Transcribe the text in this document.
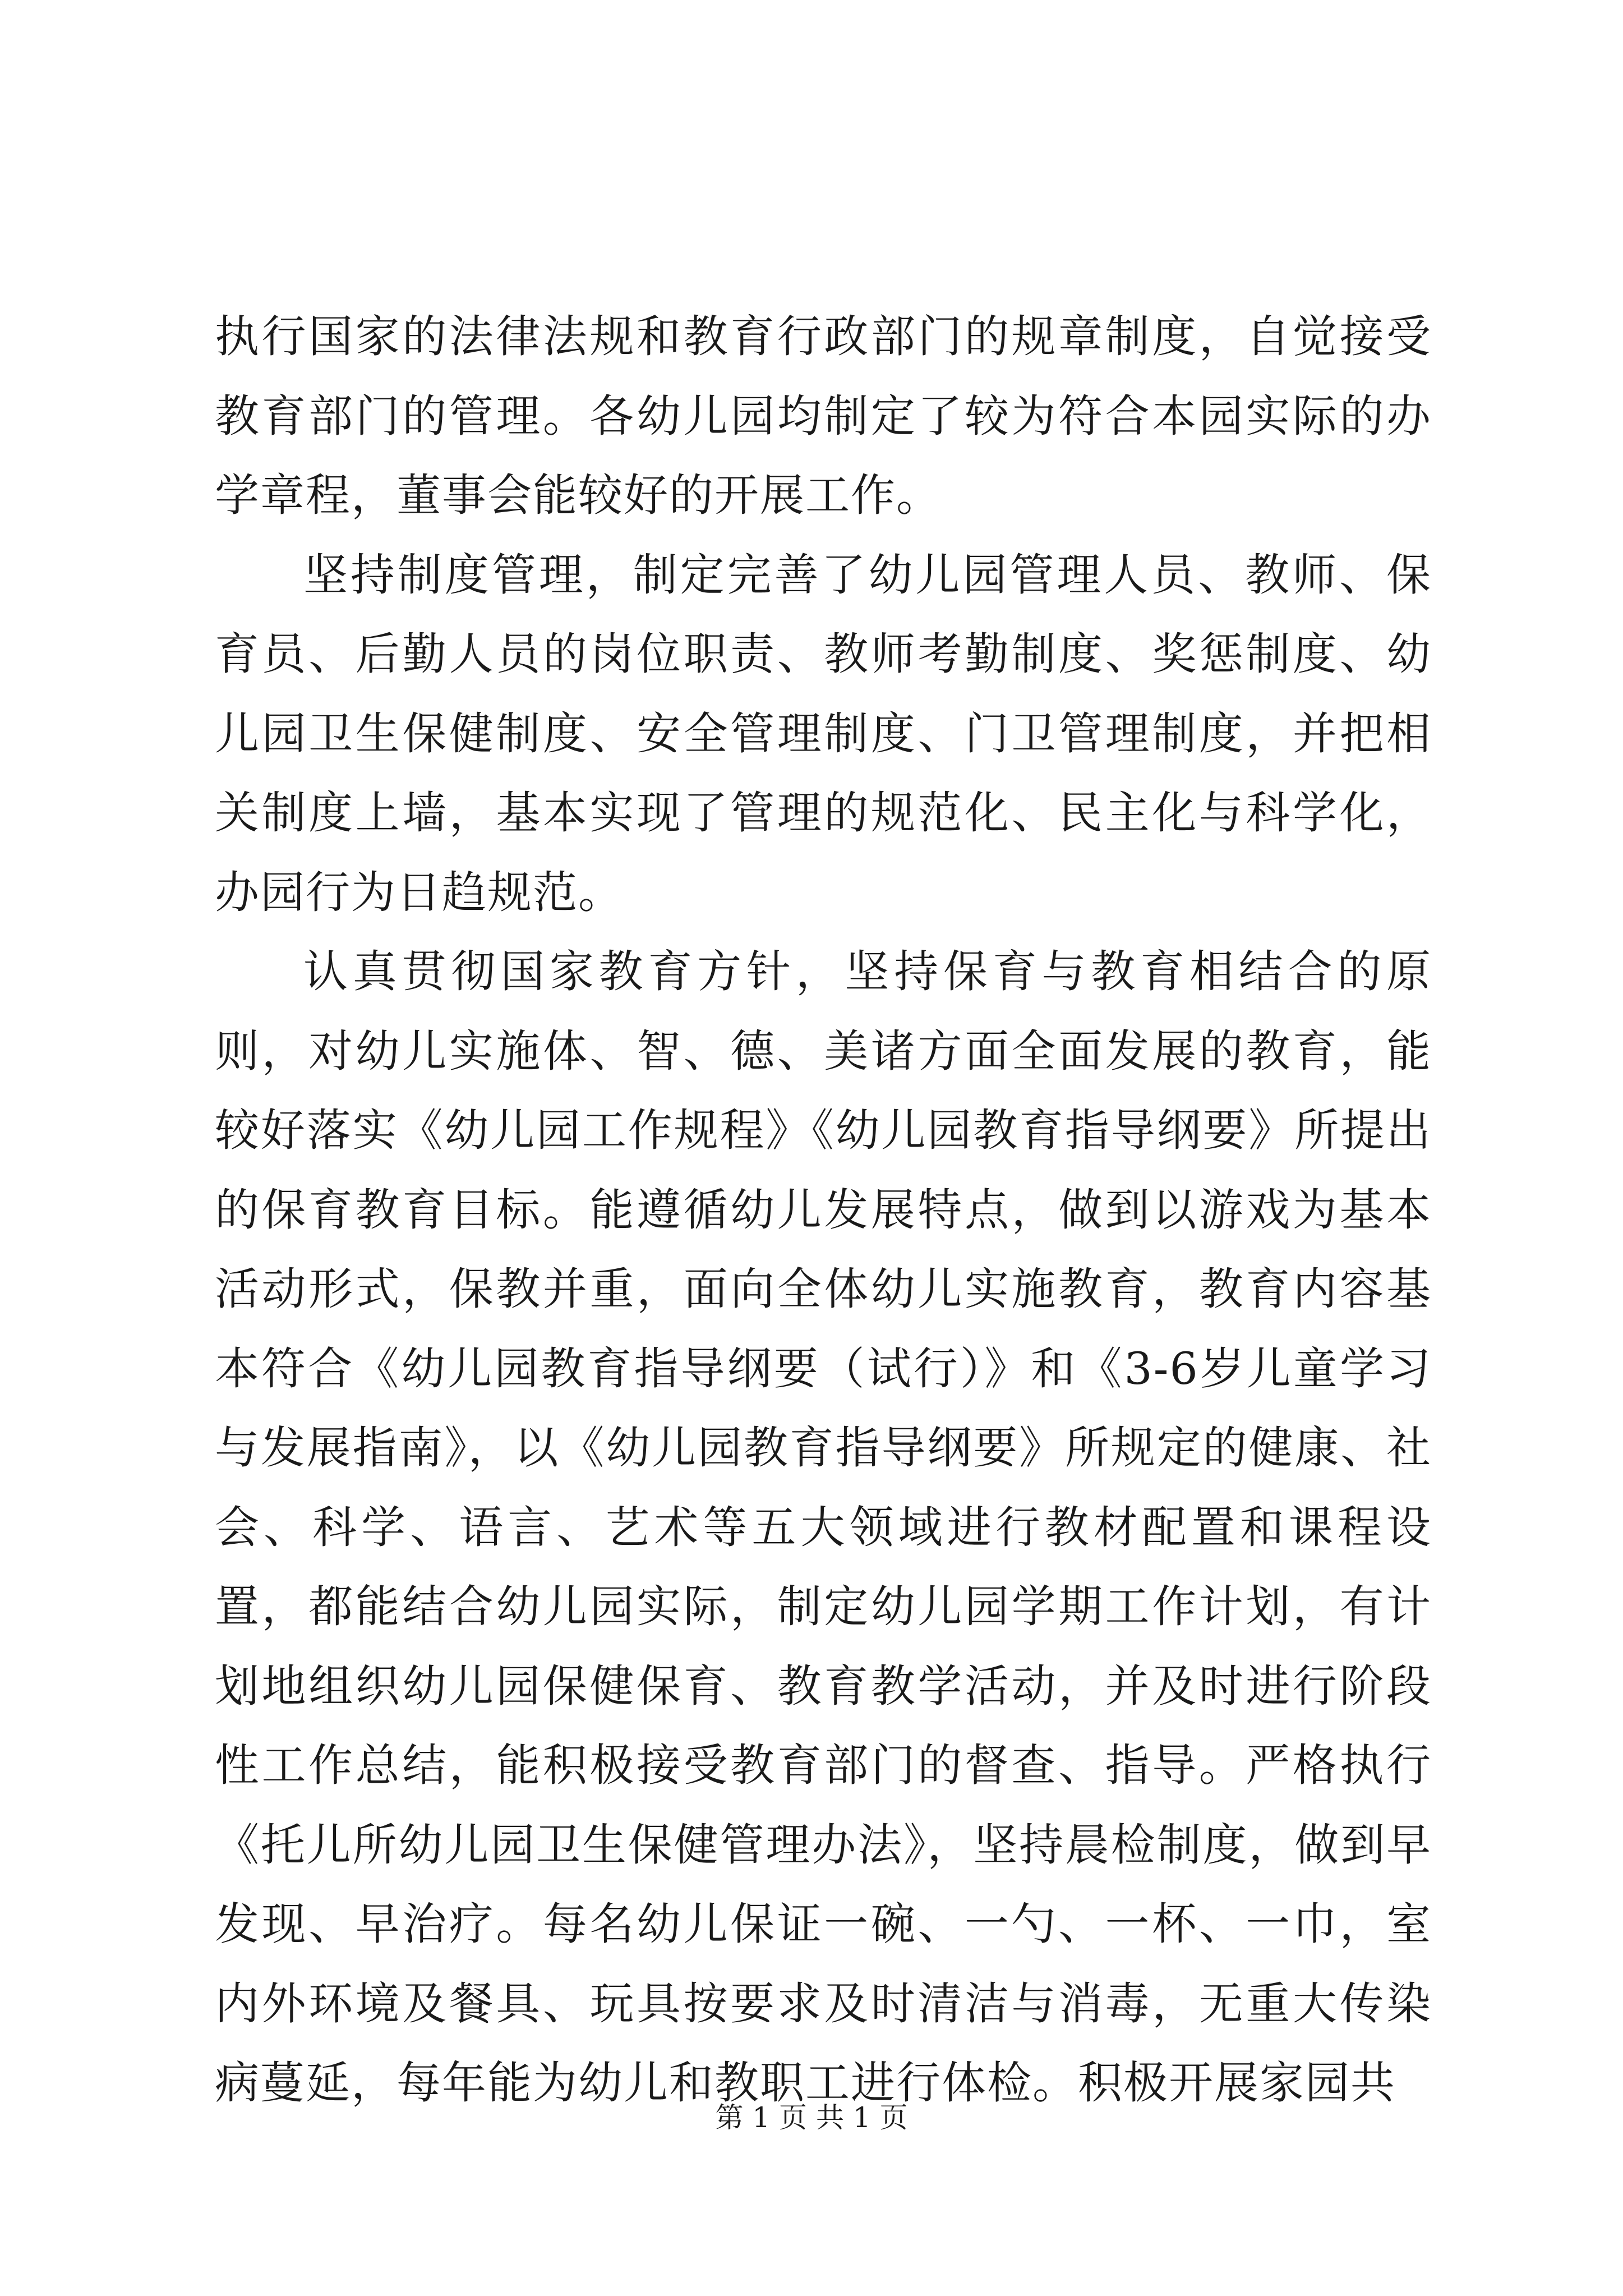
执行国家的法律法规和教育行政部门的规章制度，自觉接受教育部门的管理。各幼儿园均制定了较为符合本园实际的办学章程，董事会能较好的开展工作。

坚持制度管理，制定完善了幼儿园管理人员、教师、保育员、后勤人员的岗位职责、教师考勤制度、奖惩制度、幼儿园卫生保健制度、安全管理制度、门卫管理制度，并把相关制度上墙，基本实现了管理的规范化、民主化与科学化，办园行为日趋规范。

认真贯彻国家教育方针，坚持保育与教育相结合的原则，对幼儿实施体、智、德、美诸方面全面发展的教育，能较好落实《幼儿园工作规程》《幼儿园教育指导纲要》所提出的保育教育目标。能遵循幼儿发展特点，做到以游戏为基本活动形式，保教并重，面向全体幼儿实施教育，教育内容基本符合《幼儿园教育指导纲要（试行）》和《3-6岁儿童学习与发展指南》，以《幼儿园教育指导纲要》所规定的健康、社会、科学、语言、艺术等五大领域进行教材配置和课程设置，都能结合幼儿园实际，制定幼儿园学期工作计划，有计划地组织幼儿园保健保育、教育教学活动，并及时进行阶段性工作总结，能积极接受教育部门的督查、指导。严格执行《托儿所幼儿园卫生保健管理办法》，坚持晨检制度，做到早发现、早治疗。每名幼儿保证一碗、一勺、一杯、一巾，室内外环境及餐具、玩具按要求及时清洁与消毒，无重大传染病蔓延，每年能为幼儿和教职工进行体检。积极开展家园共

第 1 页 共 1 页
